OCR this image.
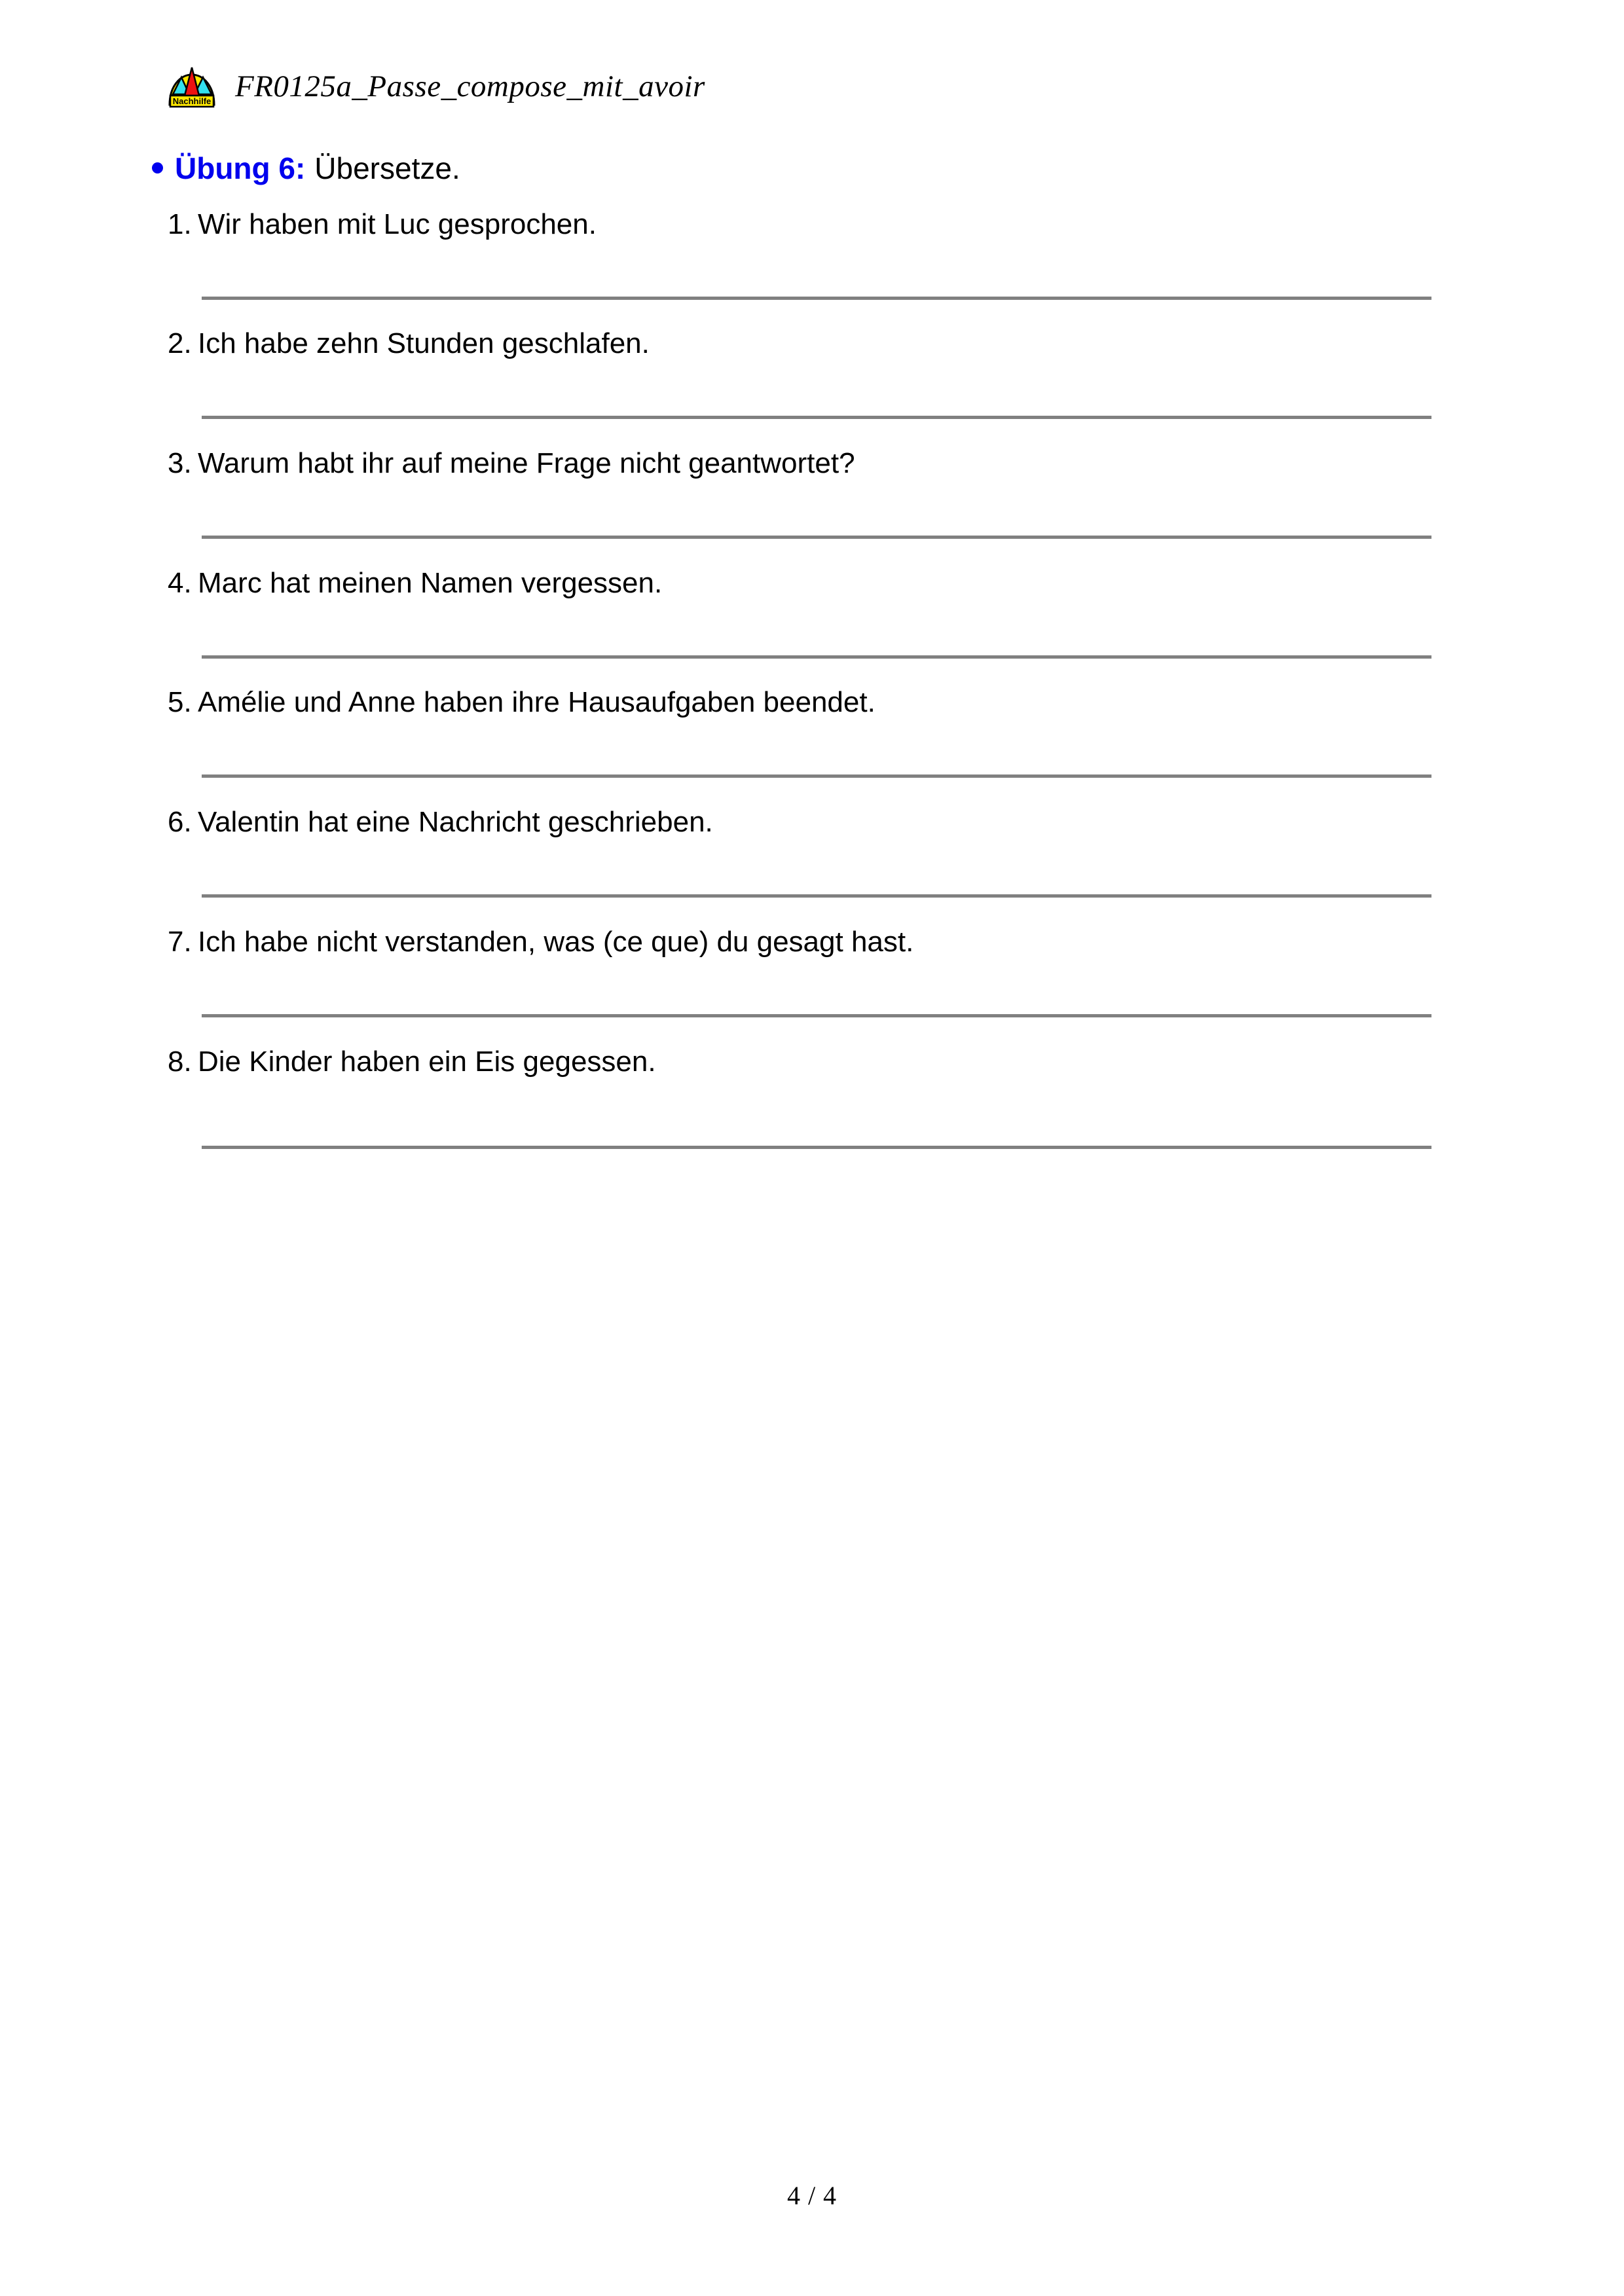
Nachhilfe FR0125a_Passe_compose_mit_avoir
Übung 6: Übersetze.
1. Wir haben mit Luc gesprochen.
2. Ich habe zehn Stunden geschlafen.
3. Warum habt ihr auf meine Frage nicht geantwortet?
4. Marc hat meinen Namen vergessen.
5. Amélie und Anne haben ihre Hausaufgaben beendet.
6. Valentin hat eine Nachricht geschrieben.
7. Ich habe nicht verstanden, was (ce que) du gesagt hast.
8. Die Kinder haben ein Eis gegessen.
4 / 4
